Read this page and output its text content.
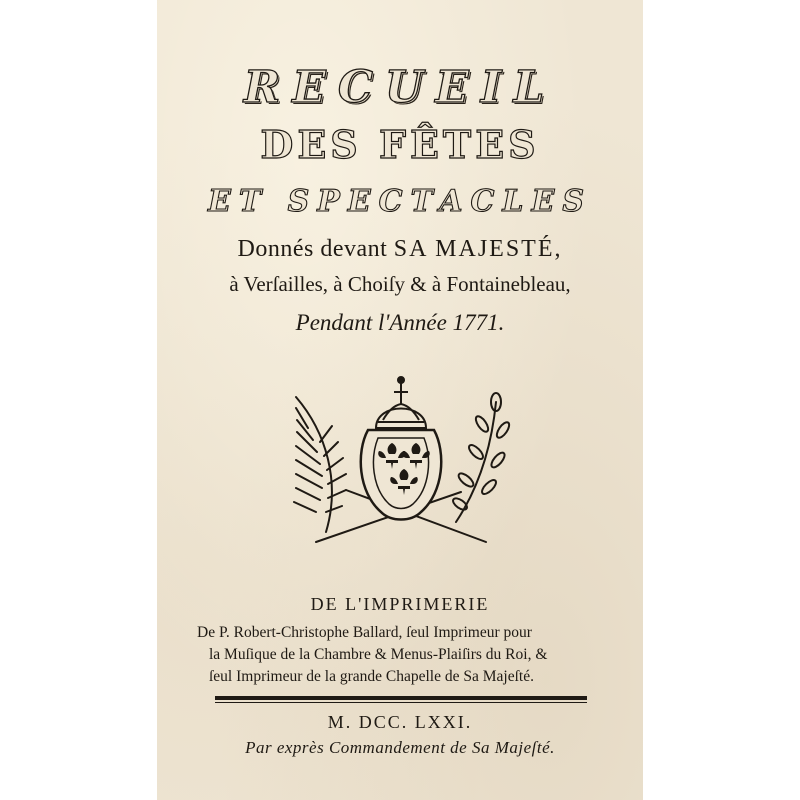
RECUEIL
DES FÊTES
ET SPECTACLES
Donnés devant SA MAJESTÉ,
à Verſailles, à Choiſy & à Fontainebleau,
Pendant l'Année 1771.
DE L'IMPRIMERIE
De P. Robert-Christophe Ballard, ſeul Imprimeur pour
la Muſique de la Chambre & Menus-Plaiſirs du Roi, &
ſeul Imprimeur de la grande Chapelle de Sa Majeſté.
M. DCC. LXXI.
Par exprès Commandement de Sa Majeſté.
